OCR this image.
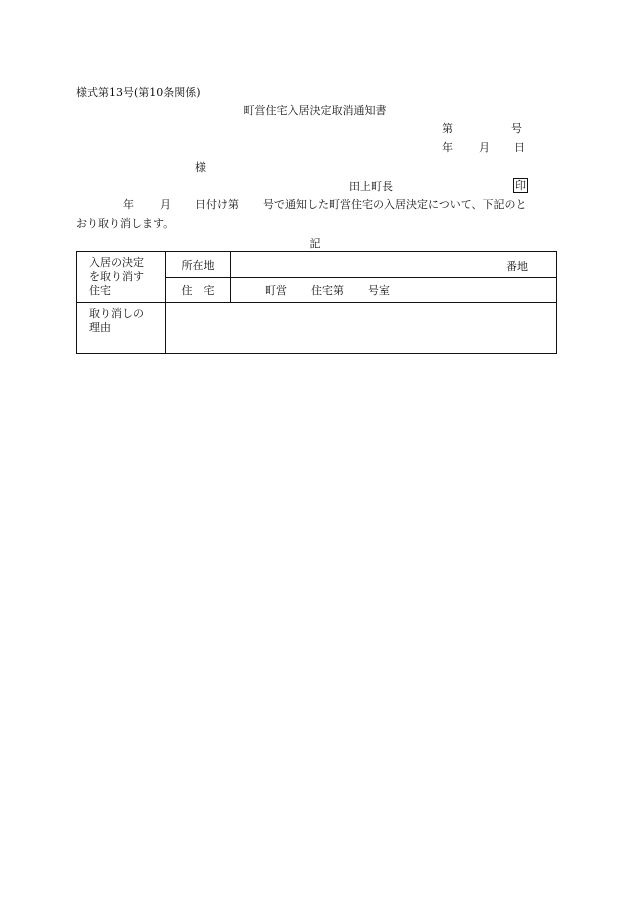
様式第13号(第10条関係)
町営住宅入居決定取消通知書
第	号
年 月 日
様
田上町長	印
年 月 日付け第 号で通知した町営住宅の入居決定について、下記のと
おり取り消します。
記
入居の決定
を取り消す
住宅	所在地	番地

	住　宅	町営 住宅第 号室

取り消しの
理由		
